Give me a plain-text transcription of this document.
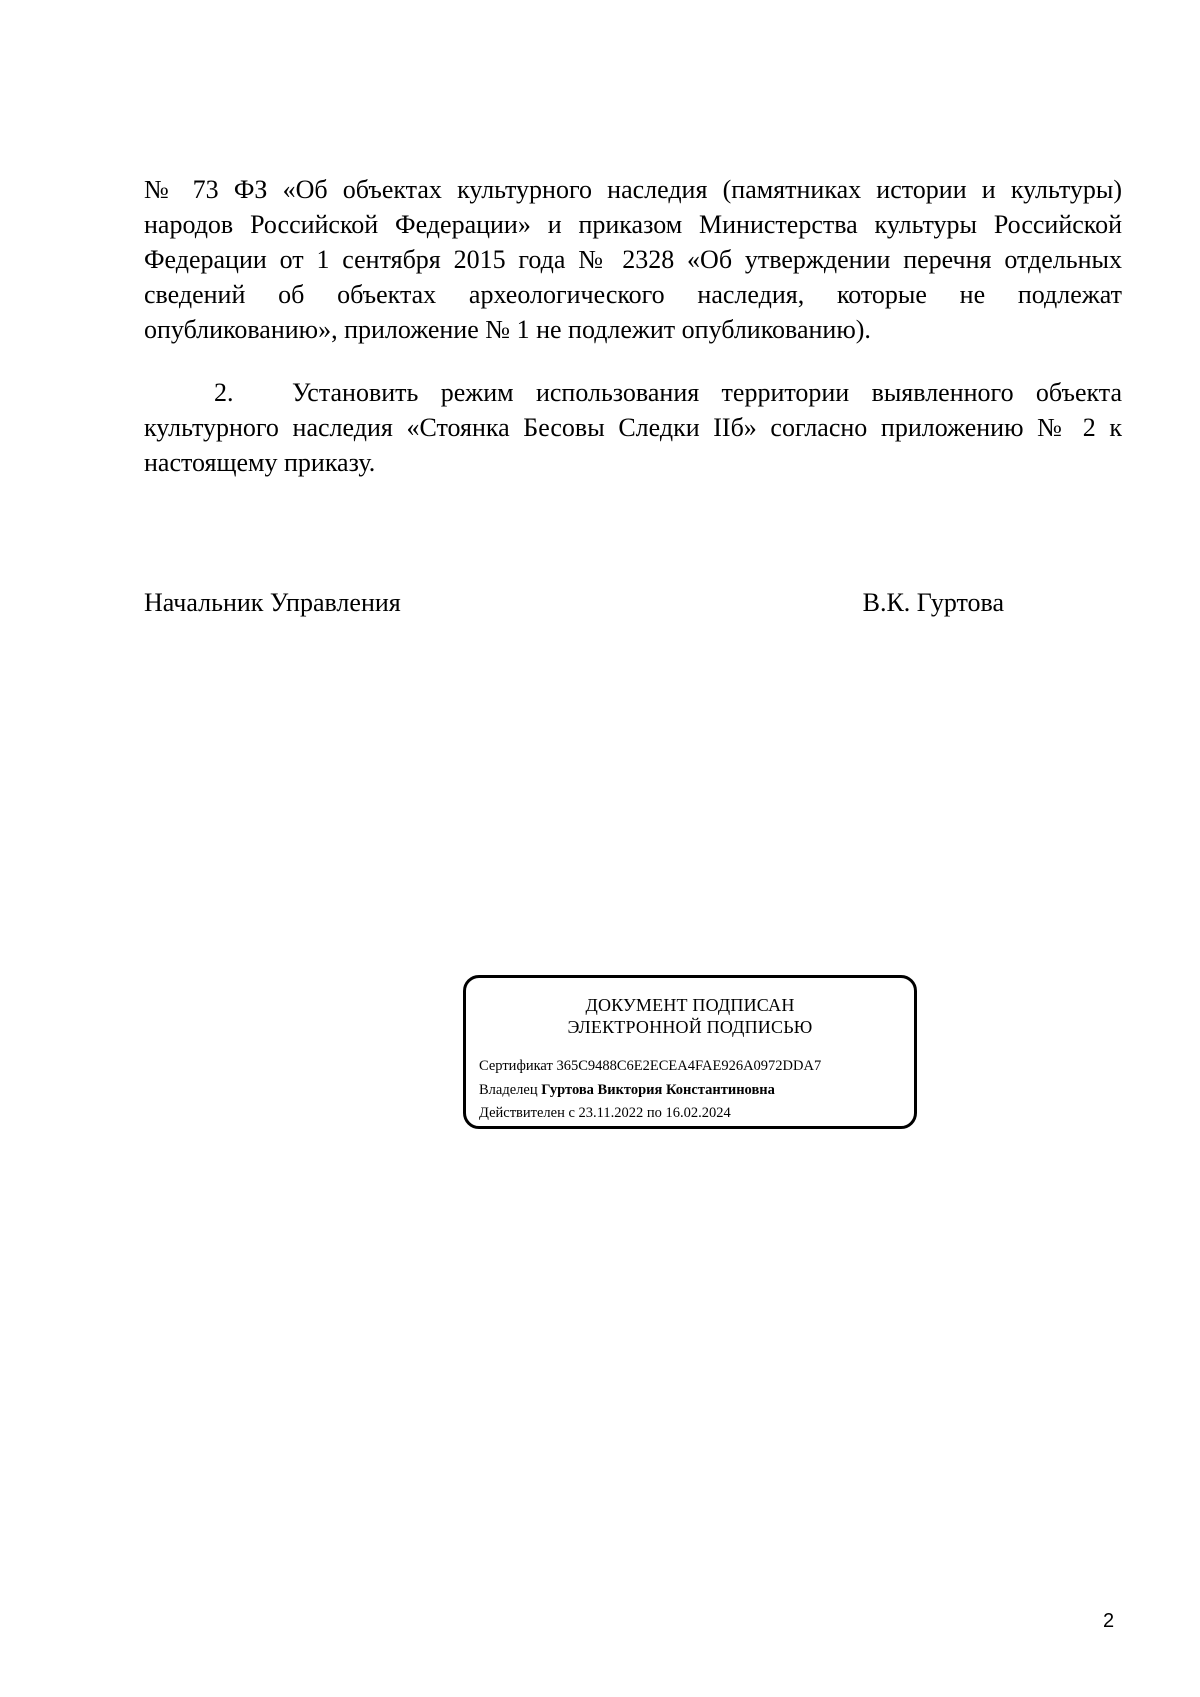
№ 73 ФЗ «Об объектах культурного наследия (памятниках истории и культуры) народов Российской Федерации» и приказом Министерства культуры Российской Федерации от 1 сентября 2015 года № 2328 «Об утверждении перечня отдельных сведений об объектах археологического наследия, которые не подлежат опубликованию», приложение № 1 не подлежит опубликованию).

2. Установить режим использования территории выявленного объекта культурного наследия «Стоянка Бесовы Следки IIб» согласно приложению № 2 к настоящему приказу.

Начальник Управления	В.К. Гуртова
ДОКУМЕНТ ПОДПИСАН
ЭЛЕКТРОННОЙ ПОДПИСЬЮ
Сертификат 365C9488C6E2ECEA4FAE926A0972DDA7
Владелец Гуртова Виктория Константиновна
Действителен с 23.11.2022 по 16.02.2024
2
